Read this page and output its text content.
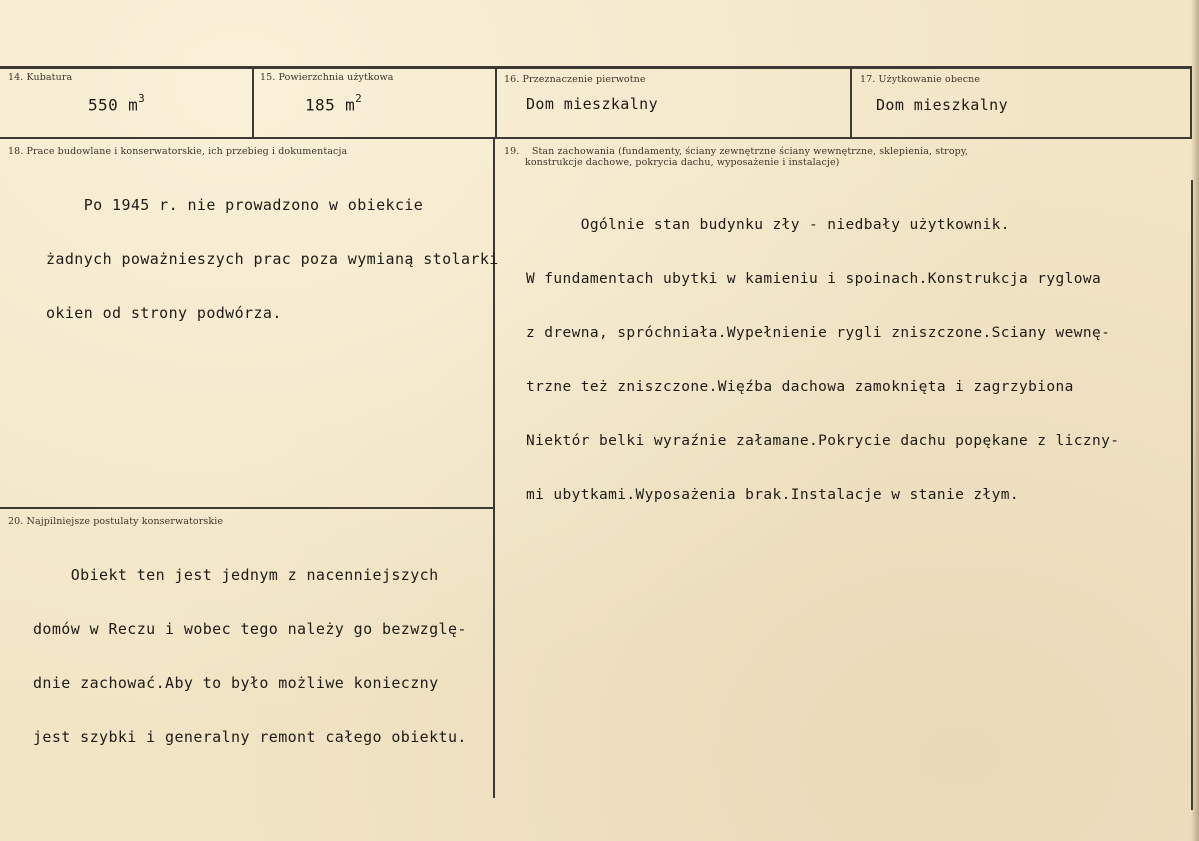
14. Kubatura
550 $m^3$
15. Powierzchnia użytkowa
185 $m^2$
16. Przeznaczenie pierwotne
Dom mieszkalny
17. Użytkowanie obecne
Dom mieszkalny
18. Prace budowlane i konserwatorskie, ich przebieg i dokumentacja

Po 1945 r. nie prowadzono w obiekcie

żadnych poważnieszych prac poza wymianą stolarki

okien od strony podwórza.

19.    Stan zachowania (fundamenty, ściany zewnętrzne ściany wewnętrzne, sklepienia, stropy,
konstrukcje dachowe, pokrycia dachu, wyposażenie i instalacje)

Ogólnie stan budynku zły - niedbały użytkownik.

W fundamentach ubytki w kamieniu i spoinach.Konstrukcja ryglowa

z drewna, spróchniała.Wypełnienie rygli zniszczone.Sciany wewnę-

trzne też zniszczone.Więźba dachowa zamoknięta i zagrzybiona

Niektór belki wyraźnie załamane.Pokrycie dachu popękane z liczny-

mi ubytkami.Wyposażenia brak.Instalacje w stanie złym.

20. Najpilniejsze postulaty konserwatorskie

Obiekt ten jest jednym z nacenniejszych

domów w Reczu i wobec tego należy go bezwzglę-

dnie zachować.Aby to było możliwe konieczny

jest szybki i generalny remont całego obiektu.
